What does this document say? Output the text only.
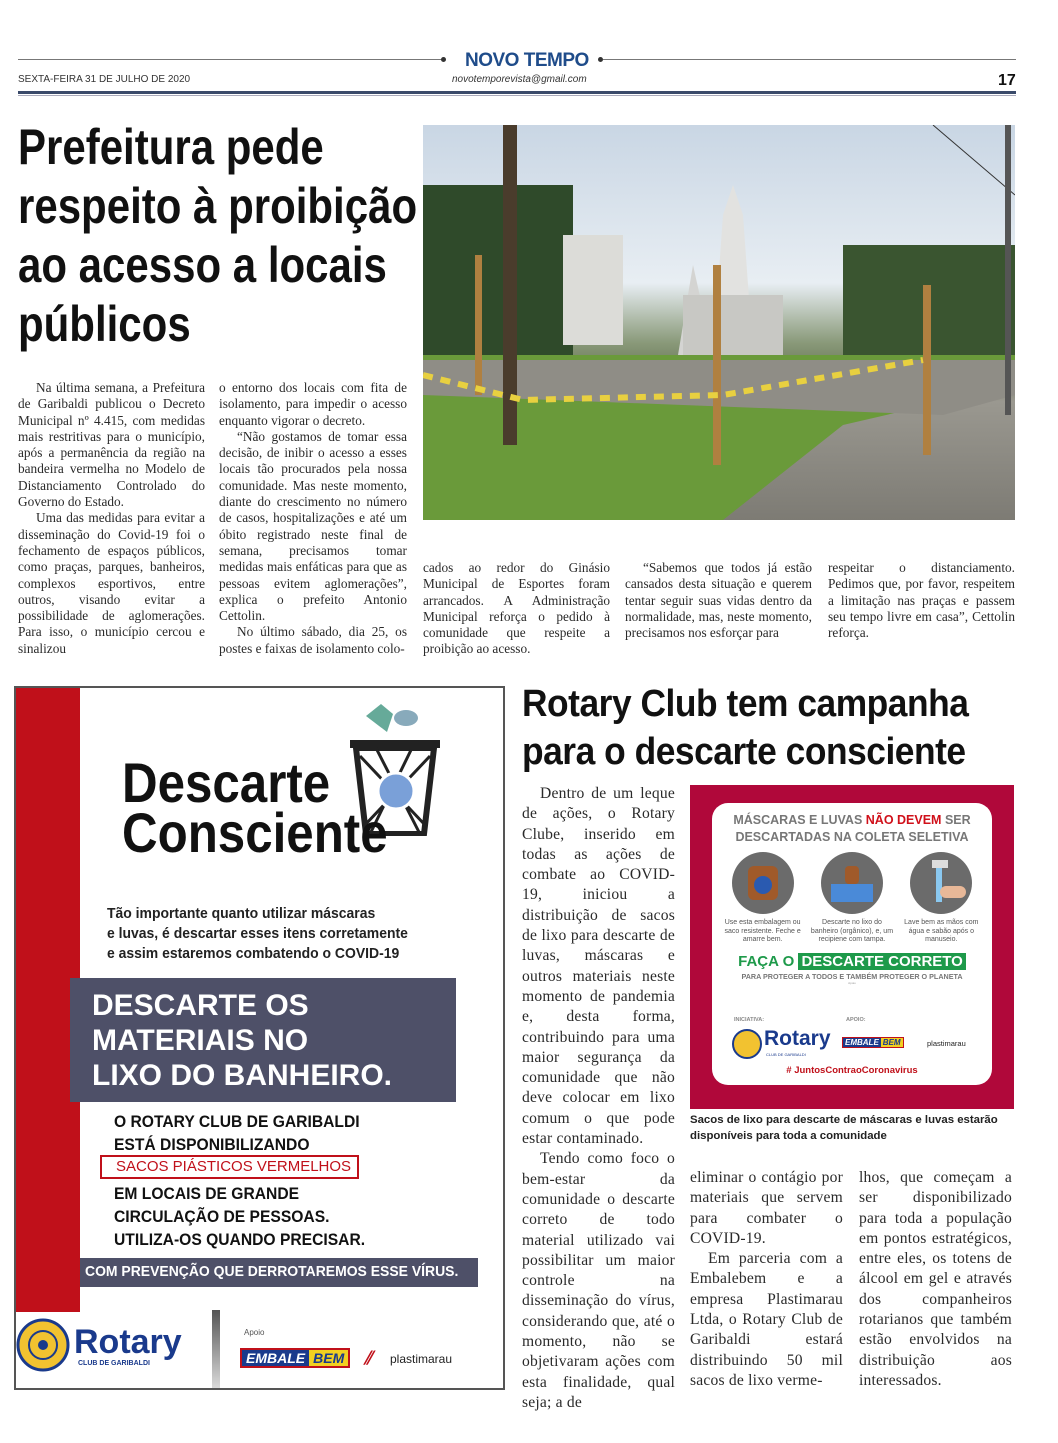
NOVO TEMPO
SEXTA-FEIRA 31 DE JULHO DE 2020	novotemporevista@gmail.com	17
Prefeitura pede
respeito à proibição
ao acesso a locais
públicos

Na última semana, a Prefeitura de Garibaldi publicou o Decreto Municipal nº 4.415, com medidas mais restritivas para o município, após a permanência da região na bandeira vermelha no Modelo de Distanciamento Controlado do Governo do Estado.

Uma das medidas para evitar a disseminação do Covid-19 foi o fechamento de espaços públicos, como praças, parques, banheiros, complexos esportivos, entre outros, visando evitar a possibilidade de aglomerações. Para isso, o município cercou e sinalizou

o entorno dos locais com fita de isolamento, para impedir o acesso enquanto vigorar o decreto.

“Não gostamos de tomar essa decisão, de inibir o acesso a esses locais tão procurados pela nossa comunidade. Mas neste momento, diante do crescimento no número de casos, hospitalizações e até um óbito registrado neste final de semana, precisamos tomar medidas mais enfáticas para que as pessoas evitem aglomerações”, explica o prefeito Antonio Cettolin.

No último sábado, dia 25, os postes e faixas de isolamento colo-

cados ao redor do Ginásio Municipal de Esportes foram arrancados. A Administração Municipal reforça o pedido à comunidade que respeite a proibição ao acesso.

“Sabemos que todos já estão cansados desta situação e querem tentar seguir suas vidas dentro da normalidade, mas, neste momento, precisamos nos esforçar para

respeitar o distanciamento. Pedimos que, por favor, respeitem a limitação nas praças e passem seu tempo livre em casa”, Cettolin reforça.

Descarte
Consciente
Tão importante quanto utilizar máscaras
e luvas, é descartar esses itens corretamente
e assim estaremos combatendo o COVID-19
DESCARTE OS
MATERIAIS NO
LIXO DO BANHEIRO.
O ROTARY CLUB DE GARIBALDI
ESTÁ DISPONIBILIZANDO
SACOS PIÁSTICOS VERMELHOS
EM LOCAIS DE GRANDE
CIRCULAÇÃO DE PESSOAS.
UTILIZA-OS QUANDO PRECISAR.
COM PREVENÇÃO QUE DERROTAREMOS ESSE VÍRUS.
Rotary
CLUB DE GARIBALDI
Apoio
EMBALE BEM ⫽ plastimarau
Rotary Club tem campanha
para o descarte consciente

Dentro de um leque de ações, o Rotary Clube, inserido em todas as ações de combate ao COVID-19, iniciou a distribuição de sacos de lixo para descarte de luvas, máscaras e outros materiais neste momento de pandemia e, desta forma, contribuindo para uma maior segurança da comunidade que não deve colocar em lixo comum o que pode estar contaminado.

Tendo como foco o bem-estar da comunidade o descarte correto de todo material utilizado vai possibilitar um maior controle na disseminação do vírus, considerando que, até o momento, não se objetivaram ações com esta finalidade, qual seja; a de

MÁSCARAS E LUVAS NÃO DEVEM SER
DESCARTADAS NA COLETA SELETIVA
Use esta embalagem ou saco resistente. Feche e amarre bem.
Descarte no lixo do banheiro (orgânico), e, um recipiene com tampa.
Lave bem as mãos com água e sabão após o manuseio.
FAÇA O DESCARTE CORRETO
PARA PROTEGER A TODOS E TAMBÉM PROTEGER O PLANETA
Apoio
INICIATIVA:	APOIO:
Rotary
CLUB DE GARIBALDI
EMBALE BEM	plastimarau
# JuntosContraoCoronavirus
Sacos de lixo para descarte de máscaras e luvas estarão disponíveis para toda a comunidade

eliminar o contágio por materiais que servem para combater o COVID-19.

Em parceria com a Embalebem e a empresa Plastimarau Ltda, o Rotary Club de Garibaldi estará distribuindo 50 mil sacos de lixo verme-

lhos, que começam a ser disponibilizado para toda a população em pontos estratégicos, entre eles, os totens de álcool em gel e através dos companheiros rotarianos que também estão envolvidos na distribuição aos interessados.
